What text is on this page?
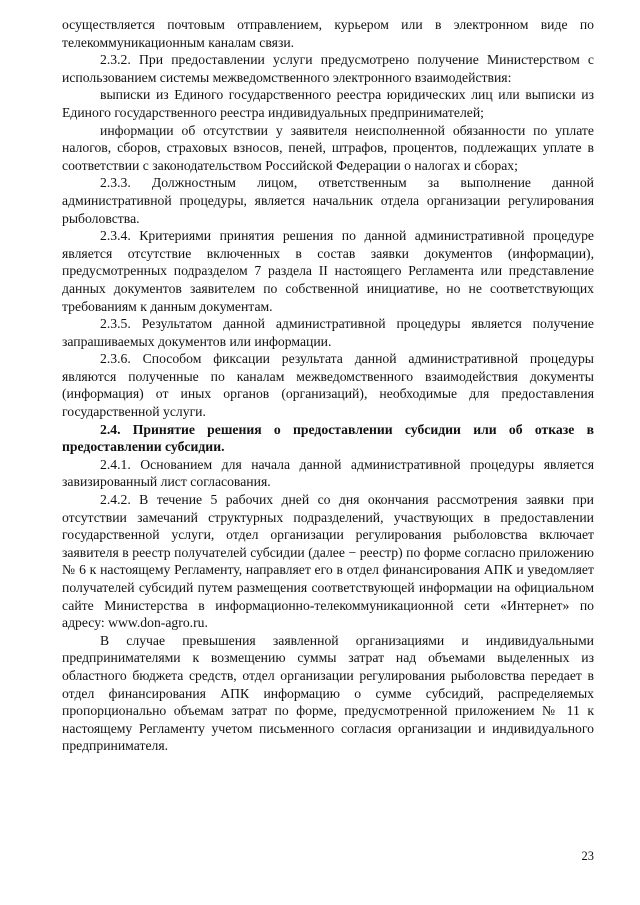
осуществляется почтовым отправлением, курьером или в электронном виде по телекоммуникационным каналам связи.

2.3.2. При предоставлении услуги предусмотрено получение Министерством с использованием системы межведомственного электронного взаимодействия:

выписки из Единого государственного реестра юридических лиц или выписки из Единого государственного реестра индивидуальных предпринимателей;

информации об отсутствии у заявителя неисполненной обязанности по уплате налогов, сборов, страховых взносов, пеней, штрафов, процентов, подлежащих уплате в соответствии с законодательством Российской Федерации о налогах и сборах;

2.3.3. Должностным лицом, ответственным за выполнение данной административной процедуры, является начальник отдела организации регулирования рыболовства.

2.3.4. Критериями принятия решения по данной административной процедуре является отсутствие включенных в состав заявки документов (информации), предусмотренных подразделом 7 раздела II настоящего Регламента или представление данных документов заявителем по собственной инициативе, но не соответствующих требованиям к данным документам.

2.3.5. Результатом данной административной процедуры является получение запрашиваемых документов или информации.

2.3.6. Способом фиксации результата данной административной процедуры являются полученные по каналам межведомственного взаимодействия документы (информация) от иных органов (организаций), необходимые для предоставления государственной услуги.

2.4. Принятие решения о предоставлении субсидии или об отказе в предоставлении субсидии.

2.4.1. Основанием для начала данной административной процедуры является завизированный лист согласования.

2.4.2. В течение 5 рабочих дней со дня окончания рассмотрения заявки при отсутствии замечаний структурных подразделений, участвующих в предоставлении государственной услуги, отдел организации регулирования рыболовства включает заявителя в реестр получателей субсидии (далее − реестр) по форме согласно приложению № 6 к настоящему Регламенту, направляет его в отдел финансирования АПК и уведомляет получателей субсидий путем размещения соответствующей информации на официальном сайте Министерства в информационно-телекоммуникационной сети «Интернет» по адресу: www.don-agro.ru.

В случае превышения заявленной организациями и индивидуальными предпринимателями к возмещению суммы затрат над объемами выделенных из областного бюджета средств, отдел организации регулирования рыболовства передает в отдел финансирования АПК информацию о сумме субсидий, распределяемых пропорционально объемам затрат по форме, предусмотренной приложением № 11 к настоящему Регламенту учетом письменного согласия организации и индивидуального предпринимателя.

23
